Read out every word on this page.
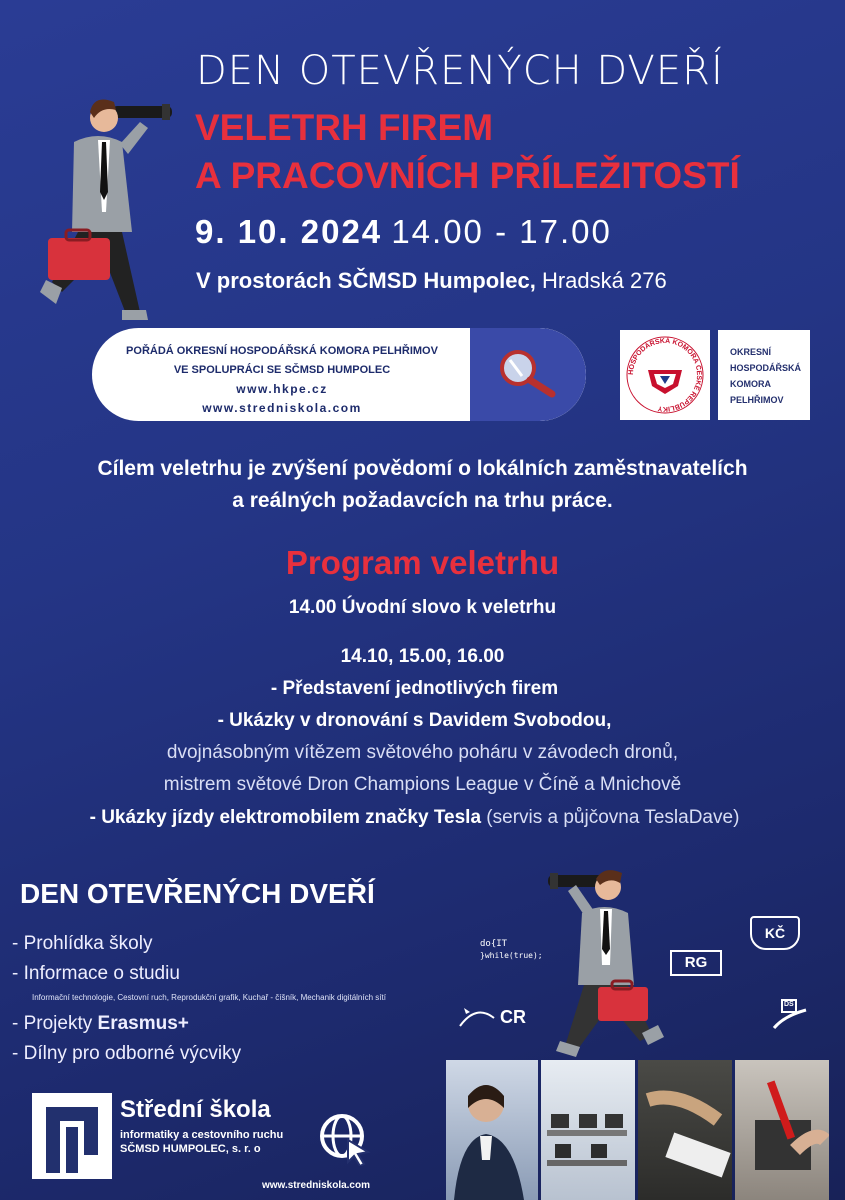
DEN OTEVŘENÝCH DVEŘÍ
VELETRH FIREM
A PRACOVNÍCH PŘÍLEŽITOSTÍ
9. 10. 2024 14.00 - 17.00
V prostorách SČMSD Humpolec, Hradská 276
POŘÁDÁ OKRESNÍ HOSPODÁŘSKÁ KOMORA PELHŘIMOV
VE SPOLUPRÁCI SE SČMSD HUMPOLEC
www.hkpe.cz
www.stredniskola.com
HOSPODÁŘSKÁ KOMORA ČESKÉ REPUBLIKY
OKRESNÍ
HOSPODÁŘSKÁ
KOMORA
PELHŘIMOV
Cílem veletrhu je zvýšení povědomí o lokálních zaměstnavatelích
a reálných požadavcích na trhu práce.
Program veletrhu
14.00 Úvodní slovo k veletrhu
14.10, 15.00, 16.00
- Představení jednotlivých firem
- Ukázky v dronování s Davidem Svobodou,
dvojnásobným vítězem světového poháru v závodech dronů,
mistrem světové Dron Champions League v Číně a Mnichově
- Ukázky jízdy elektromobilem značky Tesla (servis a půjčovna TeslaDave)
DEN OTEVŘENÝCH DVEŘÍ
- Prohlídka školy
- Informace o studiu
Informační technologie, Cestovní ruch, Reprodukční grafik, Kuchař - číšník, Mechanik digitálních sítí
- Projekty Erasmus+
- Dílny pro odborné výcviky
do{IT
}while(true);	RG
KČ
CR
DS
Střední škola
informatiky a cestovního ruchu
SČMSD HUMPOLEC, s. r. o
www.stredniskola.com
